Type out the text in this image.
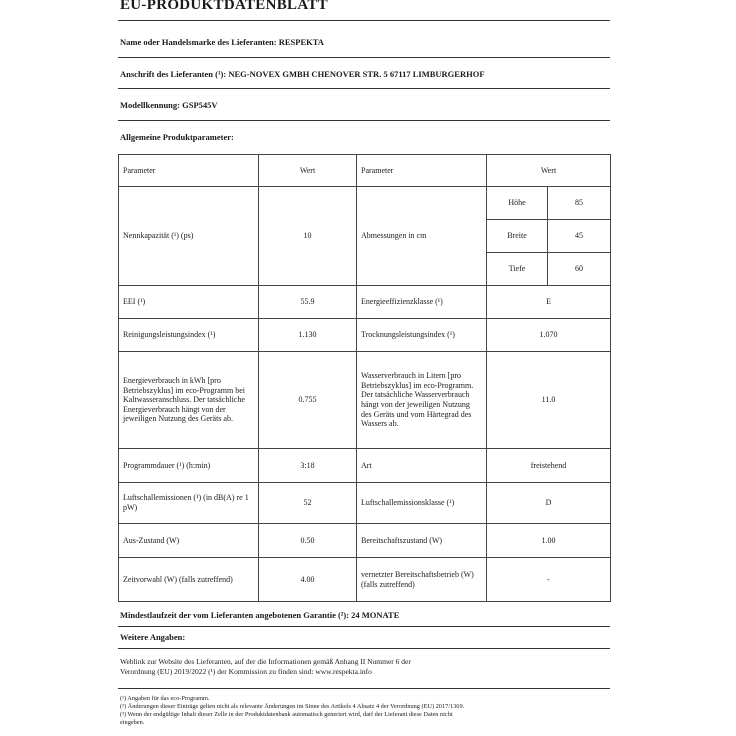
EU-PRODUKTDATENBLATT
Name oder Handelsmarke des Lieferanten: RESPEKTA
Anschrift des Lieferanten (¹): NEG-NOVEX GMBH CHENOVER STR. 5 67117 LIMBURGERHOF
Modellkennung: GSP545V
Allgemeine Produktparameter:
Parameter	Wert	Parameter	Wert	
Nennkapazität (¹) (ps)	10	Abmessungen in cm	Höhe	85
			Breite	45
			Tiefe	60
EEI (¹)	55.9	Energieeffizienzklasse (¹)	E	
Reinigungsleistungsindex (¹)	1.130	Trocknungsleistungsindex (¹)	1.070	
Energieverbrauch in kWh [pro Betriebszyklus] im eco-Programm bei Kaltwasseranschluss. Der tatsächliche Energieverbrauch hängt von der jeweiligen Nutzung des Geräts ab.	0.755	Wasserverbrauch in Litern [pro Betriebszyklus] im eco-Programm. Der tatsächliche Wasserverbrauch hängt von der jeweiligen Nutzung des Geräts und vom Härtegrad des Wassers ab.	11.0	
Programmdauer (¹) (h:min)	3:18	Art	freistehend	
Luftschallemissionen (¹) (in dB(A) re 1 pW)	52	Luftschallemissionsklasse (¹)	D	
Aus-Zustand (W)	0.50	Bereitschaftszustand (W)	1.00	
Zeitvorwahl (W) (falls zutreffend)	4.00	vernetzter Bereitschaftsbetrieb (W) (falls zutreffend)	-	
Mindestlaufzeit der vom Lieferanten angebotenen Garantie (²): 24 MONATE
Weitere Angaben:
Weblink zur Website des Lieferanten, auf der die Informationen gemäß Anhang II Nummer 6 der
Verordnung (EU) 2019/2022 (¹) der Kommission zu finden sind: www.respekta.info
(¹) Angaben für das eco-Programm.
(²) Änderungen dieser Einträge gelten nicht als relevante Änderungen im Sinne des Artikels 4 Absatz 4 der Verordnung (EU) 2017/1369.
(³) Wenn der endgültige Inhalt dieser Zelle in der Produktdatenbank automatisch generiert wird, darf der Lieferant diese Daten nicht
eingeben.
